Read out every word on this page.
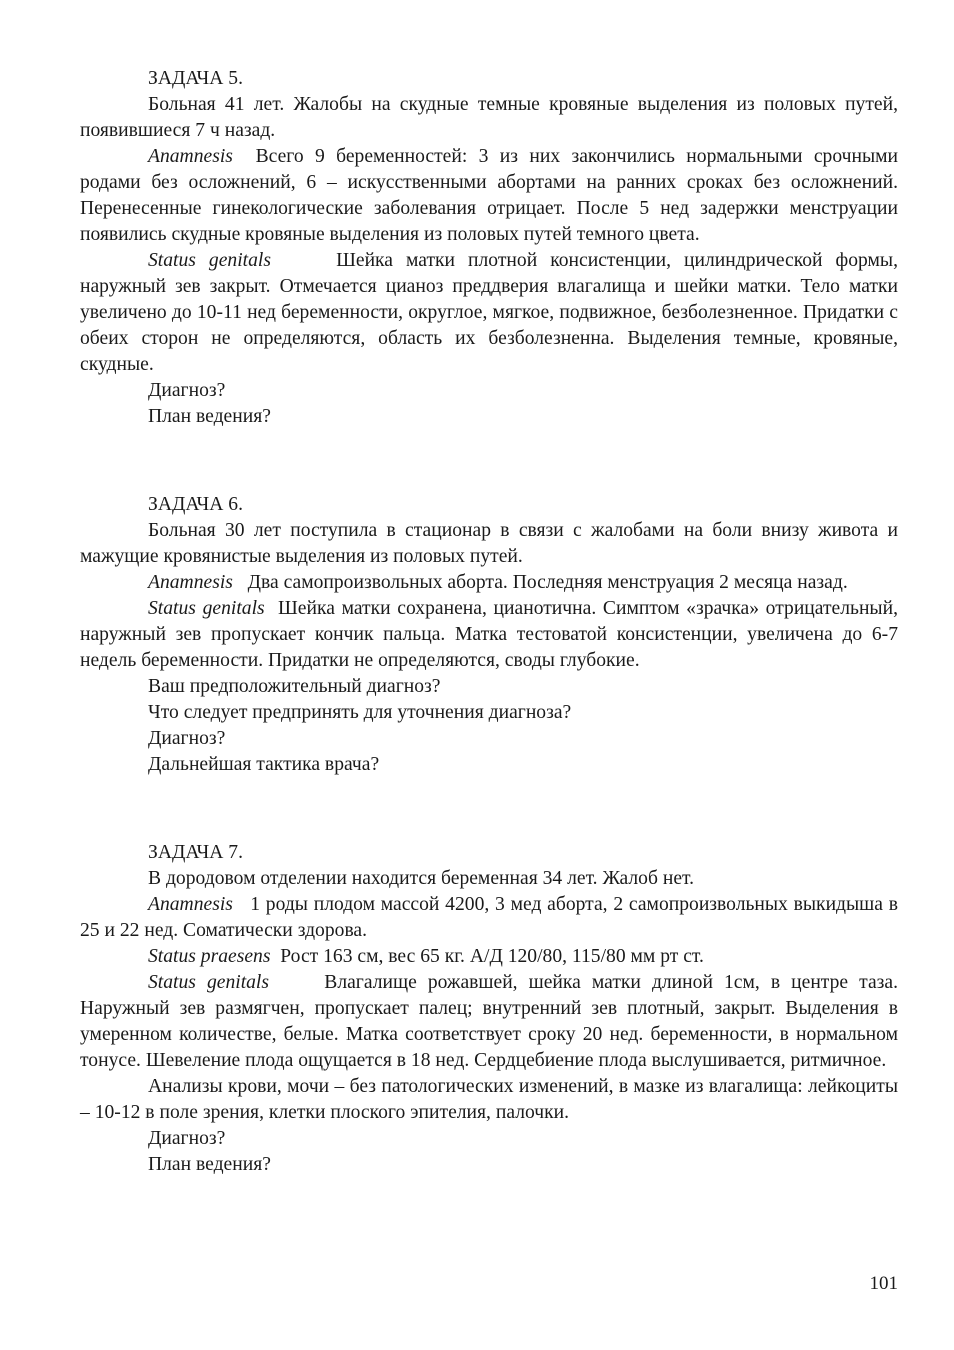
ЗАДАЧА 5.

Больная 41 лет. Жалобы на скудные темные кровяные выделения из половых путей, появившиеся 7 ч назад.

Anamnesis Всего 9 беременностей: 3 из них закончились нормальными срочными родами без осложнений, 6 – искусственными абортами на ранних сроках без осложнений. Перенесенные гинекологические заболевания отрицает. После 5 нед задержки менструации появились скудные кровяные выделения из половых путей темного цвета.

Status genitals	Шейка матки плотной консистенции, цилиндрической формы, наружный зев закрыт. Отмечается цианоз преддверия влагалища и шейки матки. Тело матки увеличено до 10-11 нед беременности, округлое, мягкое, подвижное, безболезненное. Придатки с обеих сторон не определяются, область их безболезненна. Выделения темные, кровяные, скудные.

Диагноз?

План ведения?

ЗАДАЧА 6.

Больная 30 лет поступила в стационар в связи с жалобами на боли внизу живота и мажущие кровянистые выделения из половых путей.

Anamnesis Два самопроизвольных аборта. Последняя менструация 2 месяца назад.

Status genitals Шейка матки сохранена, цианотична. Симптом «зрачка» отрицательный, наружный зев пропускает кончик пальца. Матка тестоватой консистенции, увеличена до 6-7 недель беременности. Придатки не определяются, своды глубокие.

Ваш предположительный диагноз?

Что следует предпринять для уточнения диагноза?

Диагноз?

Дальнейшая тактика врача?

ЗАДАЧА 7.

В дородовом отделении находится беременная 34 лет. Жалоб нет.

Anamnesis 1 роды плодом массой 4200, 3 мед аборта, 2 самопроизвольных выкидыша в 25 и 22 нед. Соматически здорова.

Status praesens Рост 163 см, вес 65 кг. А/Д 120/80, 115/80 мм рт ст.

Status genitals	Влагалище рожавшей, шейка матки длиной 1см, в центре таза. Наружный зев размягчен, пропускает палец; внутренний зев плотный, закрыт. Выделения в умеренном количестве, белые. Матка соответствует сроку 20 нед. беременности, в нормальном тонусе. Шевеление плода ощущается в 18 нед. Сердцебиение плода выслушивается, ритмичное.

Анализы крови, мочи – без патологических изменений, в мазке из влагалища: лейкоциты – 10-12 в поле зрения, клетки плоского эпителия, палочки.

Диагноз?

План ведения?

101
